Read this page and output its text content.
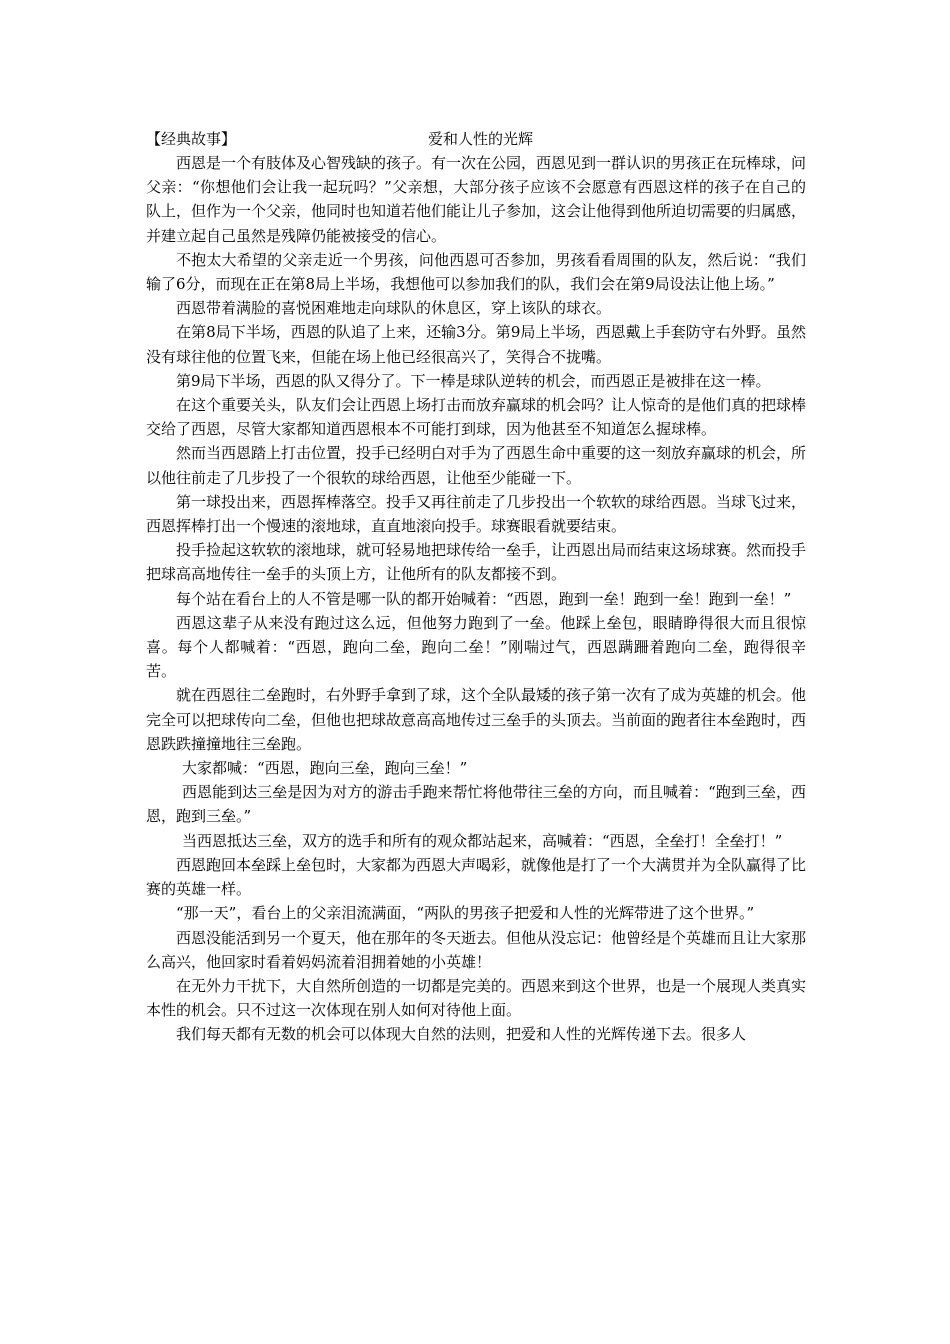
【经典故事】	爱和人性的光辉

西恩是一个有肢体及心智残缺的孩子。有一次在公园，西恩见到一群认识的男孩正在玩棒球，问父亲：“你想他们会让我一起玩吗？”父亲想，大部分孩子应该不会愿意有西恩这样的孩子在自己的队上，但作为一个父亲，他同时也知道若他们能让儿子参加，这会让他得到他所迫切需要的归属感，并建立起自己虽然是残障仍能被接受的信心。

不抱太大希望的父亲走近一个男孩，问他西恩可否参加，男孩看看周围的队友，然后说：“我们输了6分，而现在正在第8局上半场，我想他可以参加我们的队，我们会在第9局设法让他上场。”

西恩带着满脸的喜悦困难地走向球队的休息区，穿上该队的球衣。

在第8局下半场，西恩的队追了上来，还输3分。第9局上半场，西恩戴上手套防守右外野。虽然没有球往他的位置飞来，但能在场上他已经很高兴了，笑得合不拢嘴。

第9局下半场，西恩的队又得分了。下一棒是球队逆转的机会，而西恩正是被排在这一棒。

在这个重要关头，队友们会让西恩上场打击而放弃赢球的机会吗？让人惊奇的是他们真的把球棒交给了西恩，尽管大家都知道西恩根本不可能打到球，因为他甚至不知道怎么握球棒。

然而当西恩踏上打击位置，投手已经明白对手为了西恩生命中重要的这一刻放弃赢球的机会，所以他往前走了几步投了一个很软的球给西恩，让他至少能碰一下。

第一球投出来，西恩挥棒落空。投手又再往前走了几步投出一个软软的球给西恩。当球飞过来，西恩挥棒打出一个慢速的滚地球，直直地滚向投手。球赛眼看就要结束。

投手捡起这软软的滚地球，就可轻易地把球传给一垒手，让西恩出局而结束这场球赛。然而投手把球高高地传往一垒手的头顶上方，让他所有的队友都接不到。

每个站在看台上的人不管是哪一队的都开始喊着：“西恩，跑到一垒！跑到一垒！跑到一垒！”

西恩这辈子从来没有跑过这么远，但他努力跑到了一垒。他踩上垒包，眼睛睁得很大而且很惊喜。每个人都喊着：“西恩，跑向二垒，跑向二垒！”刚喘过气，西恩蹒跚着跑向二垒，跑得很辛苦。

就在西恩往二垒跑时，右外野手拿到了球，这个全队最矮的孩子第一次有了成为英雄的机会。他完全可以把球传向二垒，但他也把球故意高高地传过三垒手的头顶去。当前面的跑者往本垒跑时，西恩跌跌撞撞地往三垒跑。

大家都喊：“西恩，跑向三垒，跑向三垒！”

西恩能到达三垒是因为对方的游击手跑来帮忙将他带往三垒的方向，而且喊着：“跑到三垒，西恩，跑到三垒。”

当西恩抵达三垒，双方的选手和所有的观众都站起来，高喊着：“西恩，全垒打！全垒打！”

西恩跑回本垒踩上垒包时，大家都为西恩大声喝彩，就像他是打了一个大满贯并为全队赢得了比赛的英雄一样。

“那一天”，看台上的父亲泪流满面，“两队的男孩子把爱和人性的光辉带进了这个世界。”

西恩没能活到另一个夏天，他在那年的冬天逝去。但他从没忘记：他曾经是个英雄而且让大家那么高兴，他回家时看着妈妈流着泪拥着她的小英雄！

在无外力干扰下，大自然所创造的一切都是完美的。西恩来到这个世界，也是一个展现人类真实本性的机会。只不过这一次体现在别人如何对待他上面。

我们每天都有无数的机会可以体现大自然的法则，把爱和人性的光辉传递下去。很多人
